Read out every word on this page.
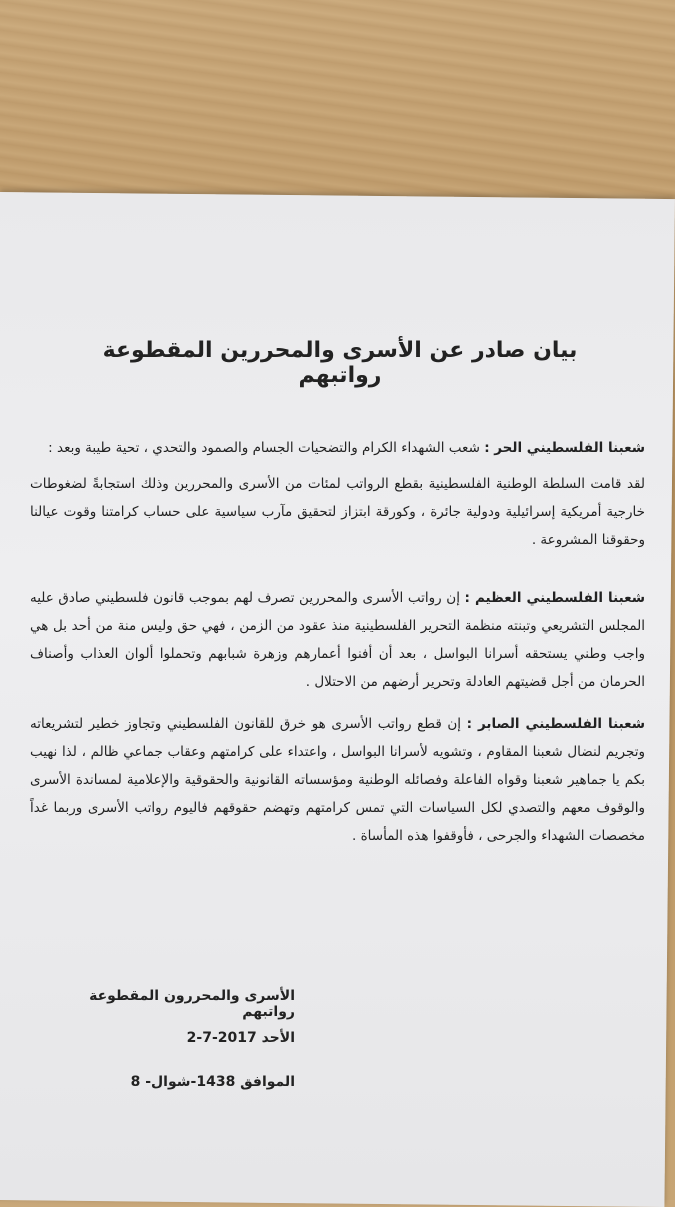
بيان صادر عن الأسرى والمحررين المقطوعة رواتبهم
شعبنا الفلسطيني الحر : شعب الشهداء الكرام والتضحيات الجسام والصمود والتحدي ، تحية طيبة وبعد :
لقد قامت السلطة الوطنية الفلسطينية بقطع الرواتب لمئات من الأسرى والمحررين وذلك استجابةً لضغوطات خارجية أمريكية إسرائيلية ودولية جائرة ، وكورقة ابتزاز لتحقيق مآرب سياسية على حساب كرامتنا وقوت عيالنا وحقوقنا المشروعة .
شعبنا الفلسطيني العظيم : إن رواتب الأسرى والمحررين تصرف لهم بموجب قانون فلسطيني صادق عليه المجلس التشريعي وتبنته منظمة التحرير الفلسطينية منذ عقود من الزمن ، فهي حق وليس منة من أحد بل هي واجب وطني يستحقه أسرانا البواسل ، بعد أن أفنوا أعمارهم وزهرة شبابهم وتحملوا ألوان العذاب وأصناف الحرمان من أجل قضيتهم العادلة وتحرير أرضهم من الاحتلال .
شعبنا الفلسطيني الصابر : إن قطع رواتب الأسرى هو خرق للقانون الفلسطيني وتجاوز خطير لتشريعاته وتجريم لنضال شعبنا المقاوم ، وتشويه لأسرانا البواسل ، واعتداء على كرامتهم وعقاب جماعي ظالم ، لذا نهيب بكم يا جماهير شعبنا وقواه الفاعلة وفصائله الوطنية ومؤسساته القانونية والحقوقية والإعلامية لمساندة الأسرى والوقوف معهم والتصدي لكل السياسات التي تمس كرامتهم وتهضم حقوقهم فاليوم رواتب الأسرى وربما غداً مخصصات الشهداء والجرحى ، فأوقفوا هذه المأساة .
الأسرى والمحررون المقطوعة رواتبهم
الأحد 2017-7-2
الموافق 1438-شوال- 8
